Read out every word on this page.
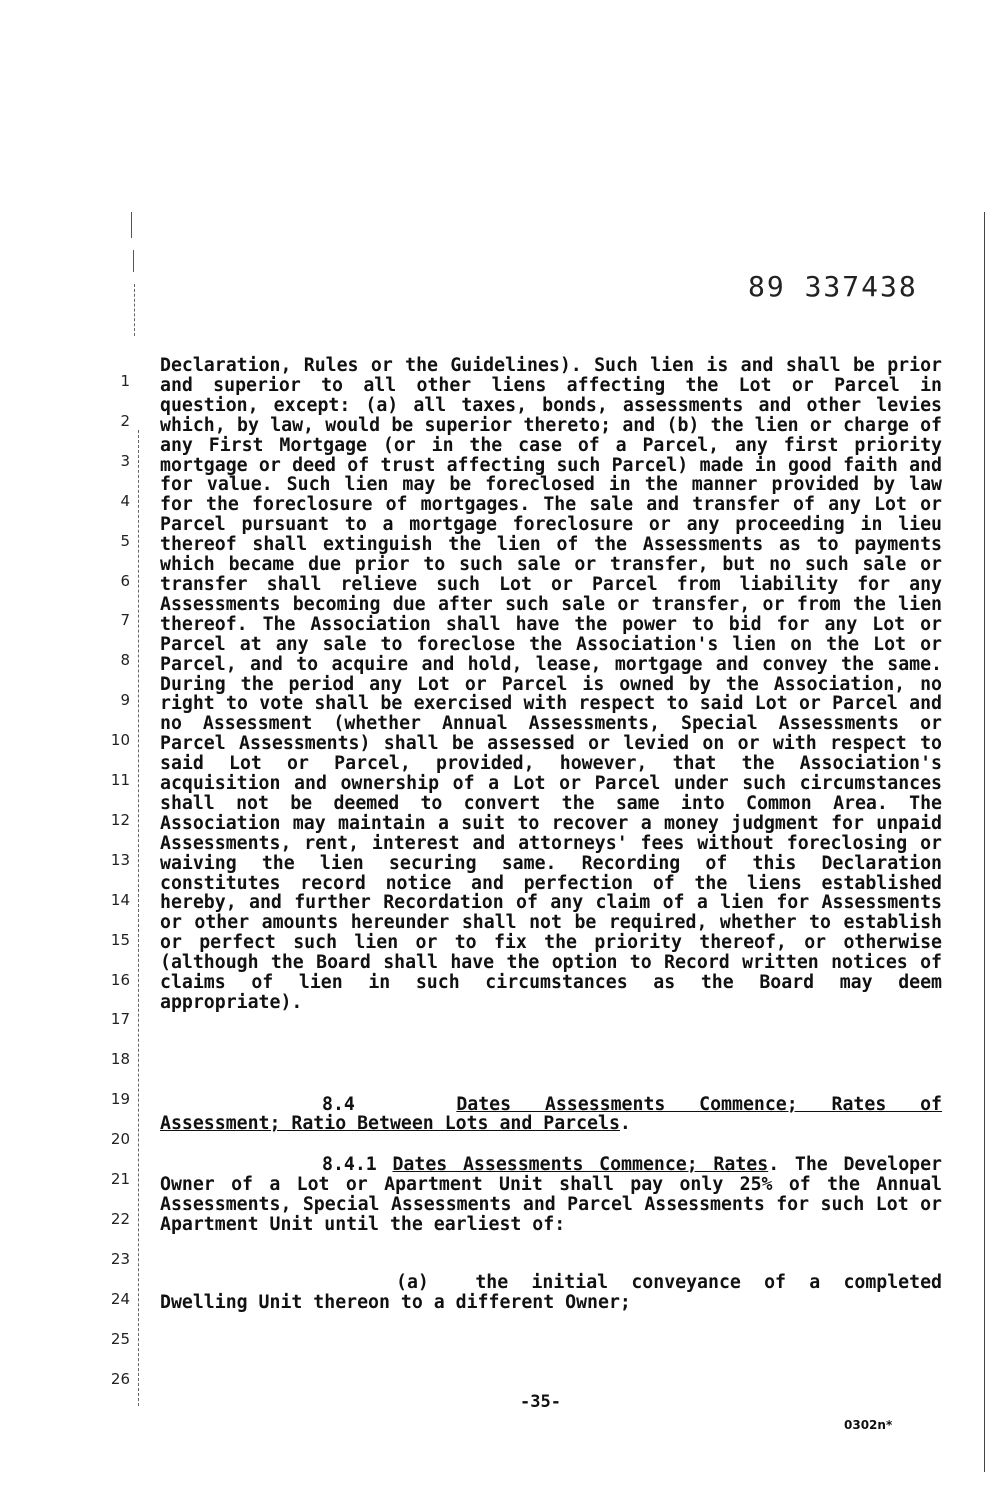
89 337438

Declaration, Rules or the Guidelines). Such lien is and shall be prior and superior to all other liens affecting the Lot or Parcel in question, except: (a) all taxes, bonds, assessments and other levies which, by law, would be superior thereto; and (b) the lien or charge of any First Mortgage (or in the case of a Parcel, any first priority mortgage or deed of trust affecting such Parcel) made in good faith and for value. Such lien may be foreclosed in the manner provided by law for the foreclosure of mortgages. The sale and transfer of any Lot or Parcel pursuant to a mortgage foreclosure or any proceeding in lieu thereof shall extinguish the lien of the Assessments as to payments which became due prior to such sale or transfer, but no such sale or transfer shall relieve such Lot or Parcel from liability for any Assessments becoming due after such sale or transfer, or from the lien thereof. The Association shall have the power to bid for any Lot or Parcel at any sale to foreclose the Association's lien on the Lot or Parcel, and to acquire and hold, lease, mortgage and convey the same. During the period any Lot or Parcel is owned by the Association, no right to vote shall be exercised with respect to said Lot or Parcel and no Assessment (whether Annual Assessments, Special Assessments or Parcel Assessments) shall be assessed or levied on or with respect to said Lot or Parcel, provided, however, that the Association's acquisition and ownership of a Lot or Parcel under such circumstances shall not be deemed to convert the same into Common Area. The Association may maintain a suit to recover a money judgment for unpaid Assessments, rent, interest and attorneys' fees without foreclosing or waiving the lien securing same. Recording of this Declaration constitutes record notice and perfection of the liens established hereby, and further Recordation of any claim of a lien for Assessments or other amounts hereunder shall not be required, whether to establish or perfect such lien or to fix the priority thereof, or otherwise (although the Board shall have the option to Record written notices of claims of lien in such circumstances as the Board may deem appropriate).

8.4	Dates Assessments Commence; Rates of
Assessment; Ratio Between Lots and Parcels.

8.4.1 Dates Assessments Commence; Rates. The Developer Owner of a Lot or Apartment Unit shall pay only 25% of the Annual Assessments, Special Assessments and Parcel Assessments for such Lot or Apartment Unit until the earliest of:

(a)	the initial conveyance of a completed
Dwelling Unit thereon to a different Owner;
1
2
3
4
5
6
7
8
9
10
11
12
13
14
15
16
17
18
19
20
21
22
23
24
25
26
-35-
0302n*
